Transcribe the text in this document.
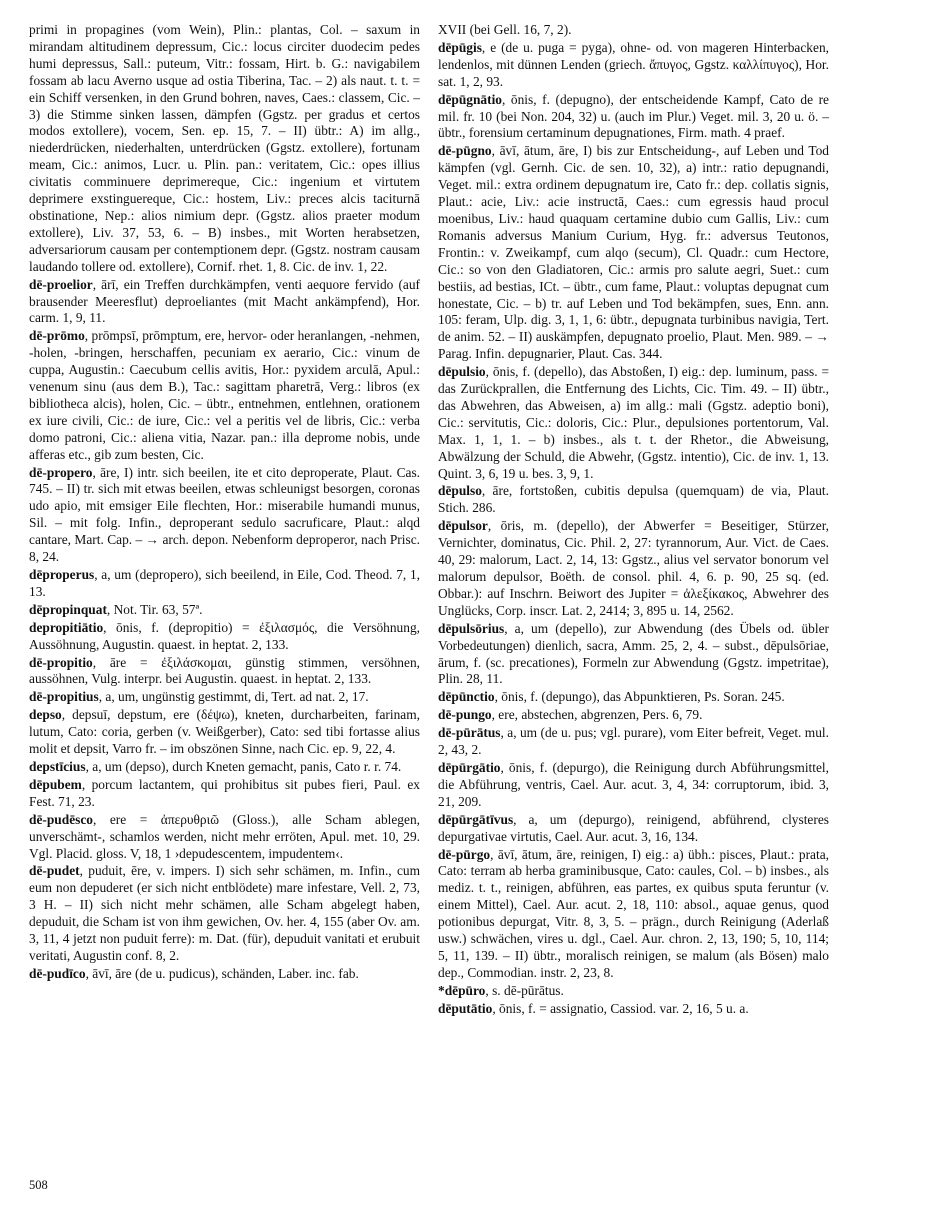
primi in propagines (vom Wein), Plin.: plantas, Col. – saxum in mirandam altitudinem depressum, Cic.: locus circiter duodecim pedes humi depressus, Sall.: puteum, Vitr.: fossam, Hirt. b. G.: navigabilem fossam ab lacu Averno usque ad ostia Tiberina, Tac. – 2) als naut. t. t. = ein Schiff versenken, in den Grund bohren, naves, Caes.: classem, Cic. – 3) die Stimme sinken lassen, dämpfen (Ggstz. per gradus et certos modos extollere), vocem, Sen. ep. 15, 7. – II) übtr.: A) im allg., niederdrücken, niederhalten, unterdrücken (Ggstz. extollere), fortunam meam, Cic.: animos, Lucr. u. Plin. pan.: veritatem, Cic.: opes illius civitatis comminuere deprimereque, Cic.: ingenium et virtutem deprimere exstinguereque, Cic.: hostem, Liv.: preces alcis taciturnā obstinatione, Nep.: alios nimium depr. (Ggstz. alios praeter modum extollere), Liv. 37, 53, 6. – B) insbes., mit Worten herabsetzen, adversariorum causam per contemptionem depr. (Ggstz. nostram causam laudando tollere od. extollere), Cornif. rhet. 1, 8. Cic. de inv. 1, 22.
dē-proelior, ārī, ein Treffen durchkämpfen, venti aequore fervido (auf brausender Meeresflut) deproeliantes (mit Macht ankämpfend), Hor. carm. 1, 9, 11.
dē-prōmo, prōmpsī, prōmptum, ere, hervor- oder heranlangen, -nehmen, -holen, -bringen, herschaffen, pecuniam ex aerario, Cic.: vinum de cuppa, Augustin.: Caecubum cellis avitis, Hor.: pyxidem arculā, Apul.: venenum sinu (aus dem B.), Tac.: sagittam pharetrā, Verg.: libros (ex bibliotheca alcis), holen, Cic. – übtr., entnehmen, entlehnen, orationem ex iure civili, Cic.: de iure, Cic.: vel a peritis vel de libris, Cic.: verba domo patroni, Cic.: aliena vitia, Nazar. pan.: illa deprome nobis, unde afferas etc., gib zum besten, Cic.
dē-propero, āre, I) intr. sich beeilen, ite et cito deproperate, Plaut. Cas. 745. – II) tr. sich mit etwas beeilen, etwas schleunigst besorgen, coronas udo apio, mit emsiger Eile flechten, Hor.: miserabile humandi munus, Sil. – mit folg. Infin., deproperant sedulo sacruficare, Plaut.: alqd cantare, Mart. Cap. – → arch. depon. Nebenform deproperor, nach Prisc. 8, 24.
dēproperus, a, um (depropero), sich beeilend, in Eile, Cod. Theod. 7, 1, 13.
dēpropinquat, Not. Tir. 63, 57ª.
depropitiātio, ōnis, f. (depropitio) = ἐξιλασμός, die Versöhnung, Aussöhnung, Augustin. quaest. in heptat. 2, 133.
dē-propitio, āre = ἐξιλάσκομαι, günstig stimmen, versöhnen, aussöhnen, Vulg. interpr. bei Augustin. quaest. in heptat. 2, 133.
dē-propitius, a, um, ungünstig gestimmt, di, Tert. ad nat. 2, 17.
depso, depsuī, depstum, ere (δέψω), kneten, durcharbeiten, farinam, lutum, Cato: coria, gerben (v. Weißgerber), Cato: sed tibi fortasse alius molit et depsit, Varro fr. – im obszönen Sinne, nach Cic. ep. 9, 22, 4.
depstīcius, a, um (depso), durch Kneten gemacht, panis, Cato r. r. 74.
dēpubem, porcum lactantem, qui prohibitus sit pubes fieri, Paul. ex Fest. 71, 23.
dē-pudēsco, ere = ἀπερυθριῶ (Gloss.), alle Scham ablegen, unverschämt-, schamlos werden, nicht mehr erröten, Apul. met. 10, 29. Vgl. Placid. gloss. V, 18, 1 ›depudescentem, impudentem‹.
dē-pudet, puduit, ēre, v. impers. I) sich sehr schämen, m. Infin., cum eum non depuderet (er sich nicht entblödete) mare infestare, Vell. 2, 73, 3 H. – II) sich nicht mehr schämen, alle Scham abgelegt haben, depuduit, die Scham ist von ihm gewichen, Ov. her. 4, 155 (aber Ov. am. 3, 11, 4 jetzt non puduit ferre): m. Dat. (für), depuduit vanitati et erubuit veritati, Augustin conf. 8, 2.
dē-pudīco, āvī, āre (de u. pudicus), schänden, Laber. inc. fab.
XVII (bei Gell. 16, 7, 2).
dēpūgis, e (de u. puga = pyga), ohne- od. von mageren Hinterbacken, lendenlos, mit dünnen Lenden (griech. ἄπυγος, Ggstz. καλλίπυγος), Hor. sat. 1, 2, 93.
dēpūgnātio, ōnis, f. (depugno), der entscheidende Kampf, Cato de re mil. fr. 10 (bei Non. 204, 32) u. (auch im Plur.) Veget. mil. 3, 20 u. ö. – übtr., forensium certaminum depugnationes, Firm. math. 4 praef.
dē-pūgno, āvī, ātum, āre, I) bis zur Entscheidung-, auf Leben und Tod kämpfen (vgl. Gernh. Cic. de sen. 10, 32), a) intr.: ratio depugnandi, Veget. mil.: extra ordinem depugnatum ire, Cato fr.: dep. collatis signis, Plaut.: acie, Liv.: acie instructā, Caes.: cum egressis haud procul moenibus, Liv.: haud quaquam certamine dubio cum Gallis, Liv.: cum Romanis adversus Manium Curium, Hyg. fr.: adversus Teutonos, Frontin.: v. Zweikampf, cum alqo (secum), Cl. Quadr.: cum Hectore, Cic.: so von den Gladiatoren, Cic.: armis pro salute aegri, Suet.: cum bestiis, ad bestias, ICt. – übtr., cum fame, Plaut.: voluptas depugnat cum honestate, Cic. – b) tr. auf Leben und Tod bekämpfen, sues, Enn. ann. 105: feram, Ulp. dig. 3, 1, 1, 6: übtr., depugnata turbinibus navigia, Tert. de anim. 52. – II) auskämpfen, depugnato proelio, Plaut. Men. 989. – → Parag. Infin. depugnarier, Plaut. Cas. 344.
dēpulsio, ōnis, f. (depello), das Abstoßen, I) eig.: dep. luminum, pass. = das Zurückprallen, die Entfernung des Lichts, Cic. Tim. 49. – II) übtr., das Abwehren, das Abweisen, a) im allg.: mali (Ggstz. adeptio boni), Cic.: servitutis, Cic.: doloris, Cic.: Plur., depulsiones portentorum, Val. Max. 1, 1, 1. – b) insbes., als t. t. der Rhetor., die Abweisung, Abwälzung der Schuld, die Abwehr, (Ggstz. intentio), Cic. de inv. 1, 13. Quint. 3, 6, 19 u. bes. 3, 9, 1.
dēpulso, āre, fortstoßen, cubitis depulsa (quemquam) de via, Plaut. Stich. 286.
dēpulsor, ōris, m. (depello), der Abwerfer = Beseitiger, Stürzer, Vernichter, dominatus, Cic. Phil. 2, 27: tyrannorum, Aur. Vict. de Caes. 40, 29: malorum, Lact. 2, 14, 13: Ggstz., alius vel servator bonorum vel malorum depulsor, Boëth. de consol. phil. 4, 6. p. 90, 25 sq. (ed. Obbar.): auf Inschrn. Beiwort des Jupiter = ἀλεξίκακος, Abwehrer des Unglücks, Corp. inscr. Lat. 2, 2414; 3, 895 u. 14, 2562.
dēpulsōrius, a, um (depello), zur Abwendung (des Übels od. übler Vorbedeutungen) dienlich, sacra, Amm. 25, 2, 4. – subst., dēpulsōriae, ārum, f. (sc. precationes), Formeln zur Abwendung (Ggstz. impetritae), Plin. 28, 11.
dēpūnctio, ōnis, f. (depungo), das Abpunktieren, Ps. Soran. 245.
dē-pungo, ere, abstechen, abgrenzen, Pers. 6, 79.
dē-pūrātus, a, um (de u. pus; vgl. purare), vom Eiter befreit, Veget. mul. 2, 43, 2.
dēpūrgātio, ōnis, f. (depurgo), die Reinigung durch Abführungsmittel, die Abführung, ventris, Cael. Aur. acut. 3, 4, 34: corruptorum, ibid. 3, 21, 209.
dēpūrgātīvus, a, um (depurgo), reinigend, abführend, clysteres depurgativae virtutis, Cael. Aur. acut. 3, 16, 134.
dē-pūrgo, āvī, ātum, āre, reinigen, I) eig.: a) übh.: pisces, Plaut.: prata, Cato: terram ab herba graminibusque, Cato: caules, Col. – b) insbes., als mediz. t. t., reinigen, abführen, eas partes, ex quibus sputa feruntur (v. einem Mittel), Cael. Aur. acut. 2, 18, 110: absol., aquae genus, quod potionibus depurgat, Vitr. 8, 3, 5. – prägn., durch Reinigung (Aderlaß usw.) schwächen, vires u. dgl., Cael. Aur. chron. 2, 13, 190; 5, 10, 114; 5, 11, 139. – II) übtr., moralisch reinigen, se malum (als Bösen) malo dep., Commodian. instr. 2, 23, 8.
*dēpūro, s. dē-pūrātus.
dēputātio, ōnis, f. = assignatio, Cassiod. var. 2, 16, 5 u. a.
508
